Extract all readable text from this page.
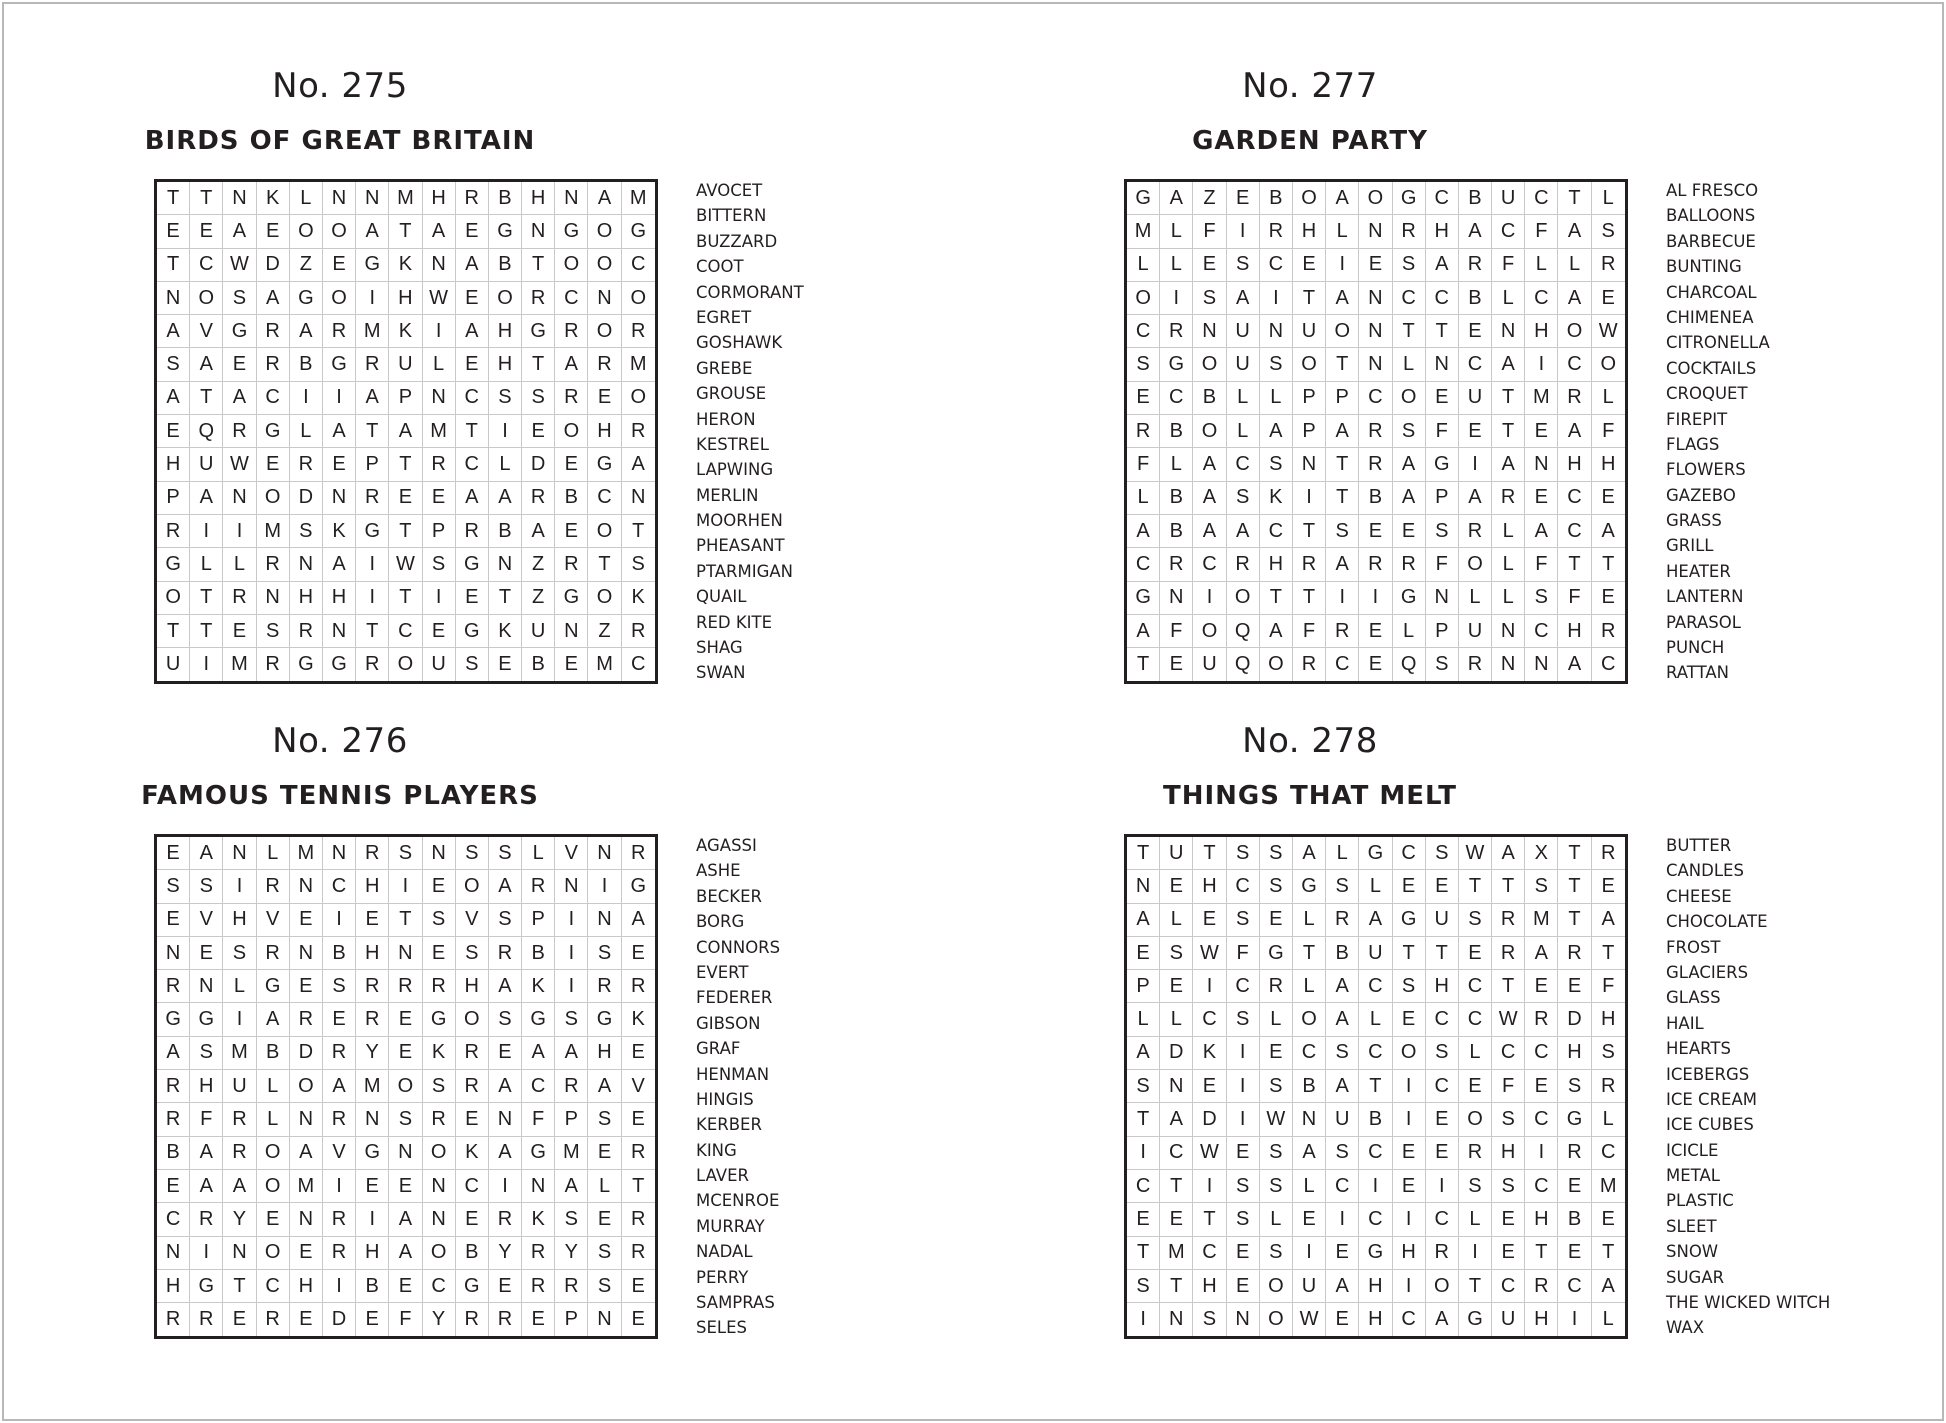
No. 275
BIRDS OF GREAT BRITAIN
T	T N K	L	N N M H R B H N A M
E E A E O O A	T	A E G N G O G
T C W D Z	E G K N A B	T O O C
N O S A G O	I	H W E O R C N O
A V G R A R M K	I	A H G R O R
S A E R B G R U	L	E H T	A R M
A	T	A C	I	I	A P N C S S R E O
E Q R G L	A	T	A M T	I	E O H R
H U W E R E P	T R C	L	D E G A
P A N O D N R E E A A R B C N
R	I	I	M S K G T	P R B A E O T
G L	L	R N A	I	W S G N Z R T	S
O T R N H H	I	T	I	E	T	Z G O K
T	T	E S R N T C E G K U N Z	R
U	I	M R G G R O U S E B E M C
AVOCET
BITTERN
BUZZARD
COOT
CORMORANT
EGRET
GOSHAWK
GREBE
GROUSE
HERON
KESTREL
LAPWING
MERLIN
MOORHEN
PHEASANT
PTARMIGAN
QUAIL
RED KITE
SHAG
SWAN
No. 277
GARDEN PARTY
G A	Z	E B O A O G C B U C T	L
M L	F	I	R H	L	N R H A C F	A	S
L	L	E S C E	I	E S A R F	L	L	R
O	I	S A	I	T	A N C C B	L	C A	E
C R N U N U O N T	T	E N H O W
S G O U S O T N	L	N C A	I	C O
E C B	L	L	P P C O E U T M R	L
R B O L	A P A R S	F	E	T	E A	F
F	L	A C S N T R A G	I	A N H H
L	B A S K	I	T	B A P A R E C E
A B A A C T	S E E S R	L	A C A
C R C R H R A R R F O L	F	T	T
G N	I	O T	T	I	I	G N	L	L	S	F	E
A	F O Q A	F R E	L	P U N C H R
T	E U Q O R C E Q S R N N A C
AL FRESCO
BALLOONS
BARBECUE
BUNTING
CHARCOAL
CHIMENEA
CITRONELLA
COCKTAILS
CROQUET
FIREPIT
FLAGS
FLOWERS
GAZEBO
GRASS
GRILL
HEATER
LANTERN
PARASOL
PUNCH
RATTAN
No. 276
FAMOUS TENNIS PLAYERS
E A N	L M N R S N S S	L	V N R
S S	I	R N C H	I	E O A R N	I	G
E V H V E	I	E	T	S V S P	I	N A
N E S R N B H N E S R B	I	S	E
R N	L G E S R R R H A K	I	R R
G G	I	A R E R Е G O S G S G K
A S M B D R Y E K R E A A H E
R H U	L O A M O S R A C R A	V
R F R	L	N R N S R E N F	P S	E
B A R O A V G N O K A G M E R
E A A O M	I	E E N C	I	N A	L	T
C R Y E N R	I	A N E R K S E R
N	I	N O E R H A O B Y R Y S R
H G T C H	I	B E C G E R R S	E
R R E R E D E	F	Y R R E P N E
AGASSI
ASHE
BECKER
BORG
CONNORS
EVERT
FEDERER
GIBSON
GRAF
HENMAN
HINGIS
KERBER
KING
LAVER
MCENROE
MURRAY
NADAL
PERRY
SAMPRAS
SELES
No. 278
THINGS THAT MELT
T U T	S S A	L G C S W A X	T	R
N E H C S G S	L	E E	T	T	S	T	E
A	L	E S E	L	R A G U S R M T	A
E S W F G T	B U T	T	E R A R	T
P E	I	C R	L	A C S H C T	E E	F
L	L	C S	L O A	L	E C C W R D H
A D K	I	E C S C O S	L	C C H S
S N E	I	S B A	T	I	C E	F	E S R
T	A D	I	W N U B	I	E O S C G	L
I	C W E S A S C E E R H	I	R C
C T	I	S S	L	C	I	E	I	S S C E M
E E	T	S	L	E	I	C	I	C	L	E H B	E
T M C E S	I	E G H R	I	E	T	E	T
S	T H E O U A H	I	O T C R C A
I	N S N O W E H C A G U H	I	L
BUTTER
CANDLES
CHEESE
CHOCOLATE
FROST
GLACIERS
GLASS
HAIL
HEARTS
ICEBERGS
ICE CREAM
ICE CUBES
ICICLE
METAL
PLASTIC
SLEET
SNOW
SUGAR
THE WICKED WITCH
WAX
